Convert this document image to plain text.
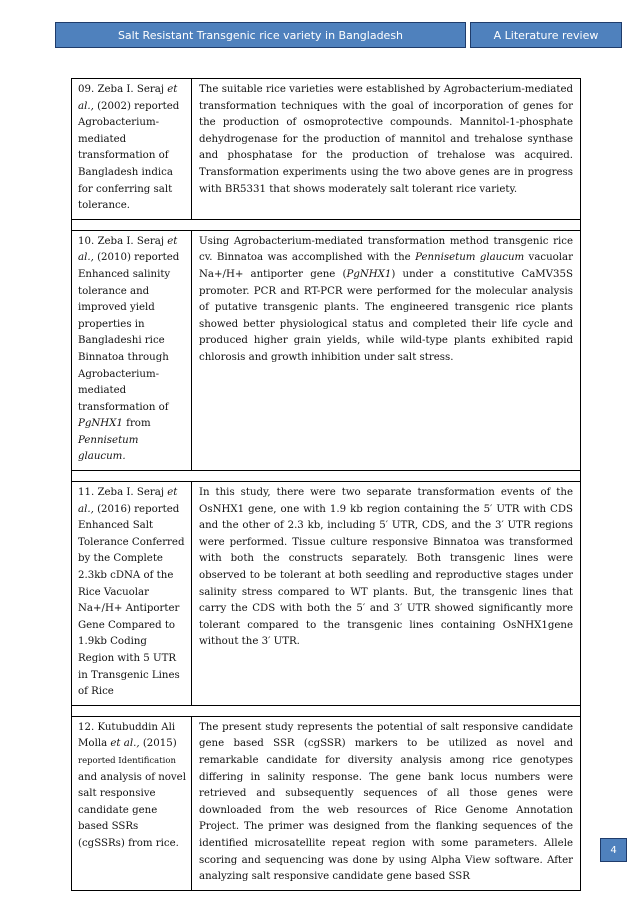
Salt Resistant Transgenic rice variety in Bangladesh	A Literature review
09. Zeba I. Seraj et al., (2002) reported Agrobacterium-mediated transformation of Bangladesh indica for conferring salt tolerance.
The suitable rice varieties were established by Agrobacterium-mediated transformation techniques with the goal of incorporation of genes for the production of osmoprotective compounds. Mannitol-1-phosphate dehydrogenase for the production of mannitol and trehalose synthase and phosphatase for the production of trehalose was acquired. Transformation experiments using the two above genes are in progress with BR5331 that shows moderately salt tolerant rice variety.
10. Zeba I. Seraj et al., (2010) reported Enhanced salinity tolerance and improved yield properties in Bangladeshi rice Binnatoa through Agrobacterium-mediated transformation of PgNHX1 from Pennisetum glaucum.
Using Agrobacterium-mediated transformation method transgenic rice cv. Binnatoa was accomplished with the Pennisetum glaucum vacuolar Na+/H+ antiporter gene (PgNHX1) under a constitutive CaMV35S promoter. PCR and RT-PCR were performed for the molecular analysis of putative transgenic plants. The engineered transgenic rice plants showed better physiological status and completed their life cycle and produced higher grain yields, while wild-type plants exhibited rapid chlorosis and growth inhibition under salt stress.
11. Zeba I. Seraj et al., (2016) reported Enhanced Salt Tolerance Conferred by the Complete 2.3kb cDNA of the Rice Vacuolar Na+/H+ Antiporter Gene Compared to 1.9kb Coding Region with 5 UTR in Transgenic Lines of Rice
In this study, there were two separate transformation events of the OsNHX1 gene, one with 1.9 kb region containing the 5′ UTR with CDS and the other of 2.3 kb, including 5′ UTR, CDS, and the 3′ UTR regions were performed. Tissue culture responsive Binnatoa was transformed with both the constructs separately. Both transgenic lines were observed to be tolerant at both seedling and reproductive stages under salinity stress compared to WT plants. But, the transgenic lines that carry the CDS with both the 5′ and 3′ UTR showed significantly more tolerant compared to the transgenic lines containing OsNHX1gene without the 3′ UTR.
12. Kutubuddin Ali Molla et al., (2015) reported Identification and analysis of novel salt responsive candidate gene based SSRs (cgSSRs) from rice.
The present study represents the potential of salt responsive candidate gene based SSR (cgSSR) markers to be utilized as novel and remarkable candidate for diversity analysis among rice genotypes differing in salinity response. The gene bank locus numbers were retrieved and subsequently sequences of all those genes were downloaded from the web resources of Rice Genome Annotation Project. The primer was designed from the flanking sequences of the identified microsatellite repeat region with some parameters. Allele scoring and sequencing was done by using Alpha View software. After analyzing salt responsive candidate gene based SSR
4
